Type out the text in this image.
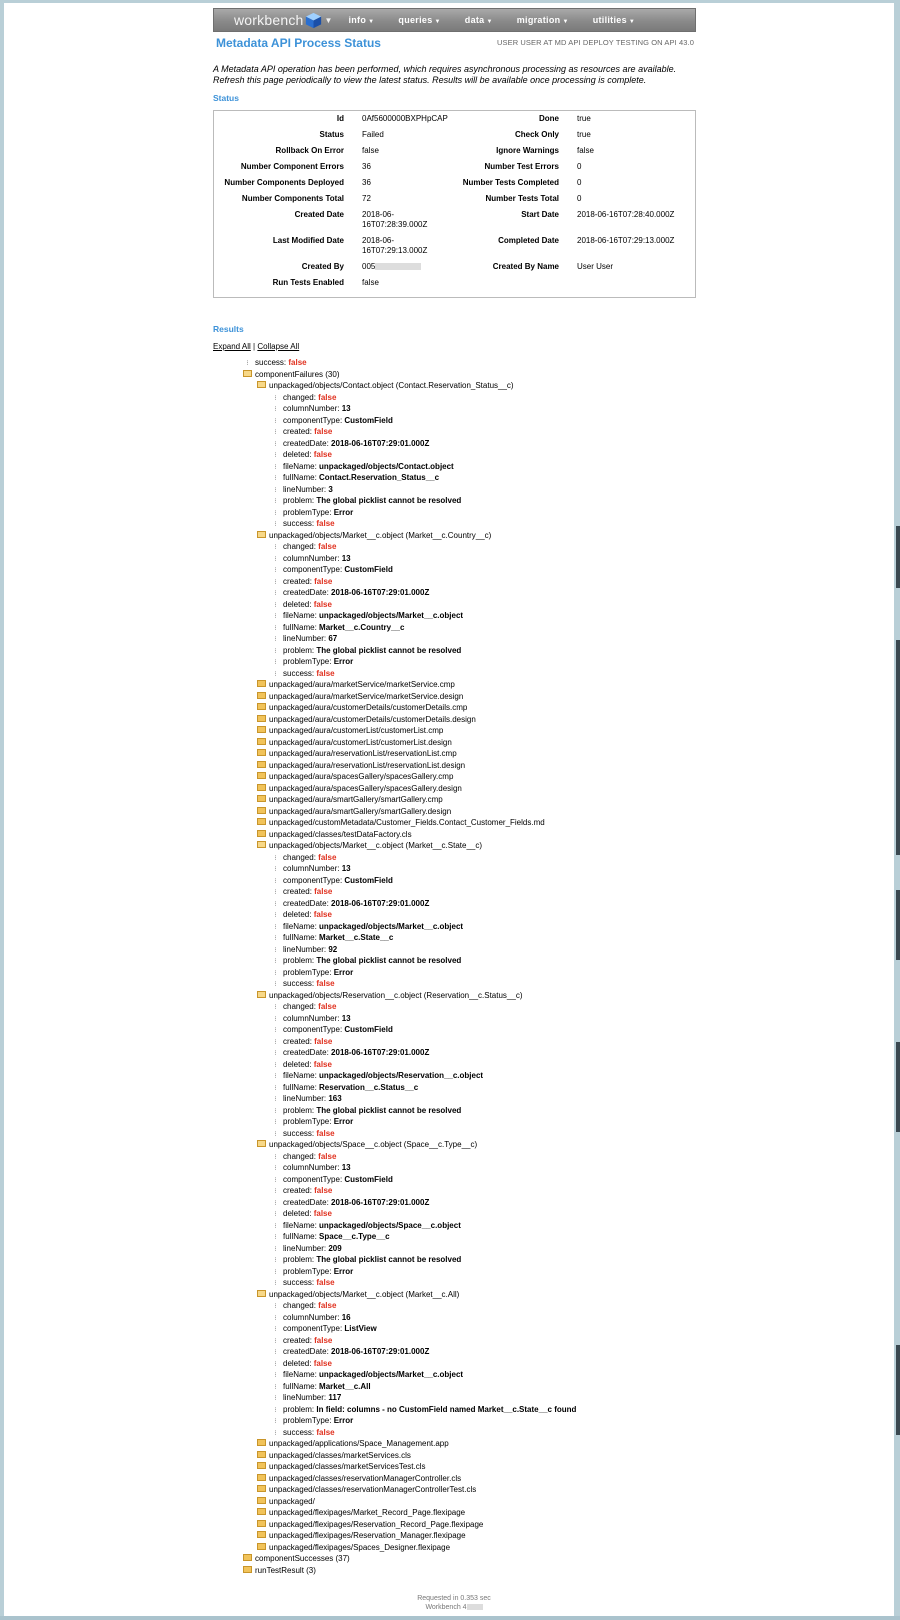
workbench	▼ info ▼	queries ▼	data ▼	migration ▼	utilities ▼
Metadata API Process Status	USER USER AT MD API DEPLOY TESTING ON API 43.0
A Metadata API operation has been performed, which requires asynchronous processing as resources are available. Refresh this page periodically to view the latest status. Results will be available once processing is complete.
Status
Id	0Af5600000BXPHpCAP	Done	true
Status	Failed	Check Only	true
Rollback On Error	false	Ignore Warnings	false
Number Component Errors	36	Number Test Errors	0
Number Components Deployed	36	Number Tests Completed	0
Number Components Total	72	Number Tests Total	0
Created Date	2018-06-16T07:28:39.000Z	Start Date	2018-06-16T07:28:40.000Z
Last Modified Date	2018-06-16T07:29:13.000Z	Completed Date	2018-06-16T07:29:13.000Z
Created By	005	Created By Name	User User
Run Tests Enabled	false		
Results
Expand All | Collapse All
⁝ success: false
componentFailures (30)
unpackaged/objects/Contact.object (Contact.Reservation_Status__c)
⁝ changed: false
⁝ columnNumber: 13
⁝ componentType: CustomField
⁝ created: false
⁝ createdDate: 2018-06-16T07:29:01.000Z
⁝ deleted: false
⁝ fileName: unpackaged/objects/Contact.object
⁝ fullName: Contact.Reservation_Status__c
⁝ lineNumber: 3
⁝ problem: The global picklist cannot be resolved
⁝ problemType: Error
⁝ success: false
unpackaged/objects/Market__c.object (Market__c.Country__c)
⁝ changed: false
⁝ columnNumber: 13
⁝ componentType: CustomField
⁝ created: false
⁝ createdDate: 2018-06-16T07:29:01.000Z
⁝ deleted: false
⁝ fileName: unpackaged/objects/Market__c.object
⁝ fullName: Market__c.Country__c
⁝ lineNumber: 67
⁝ problem: The global picklist cannot be resolved
⁝ problemType: Error
⁝ success: false
unpackaged/aura/marketService/marketService.cmp
unpackaged/aura/marketService/marketService.design
unpackaged/aura/customerDetails/customerDetails.cmp
unpackaged/aura/customerDetails/customerDetails.design
unpackaged/aura/customerList/customerList.cmp
unpackaged/aura/customerList/customerList.design
unpackaged/aura/reservationList/reservationList.cmp
unpackaged/aura/reservationList/reservationList.design
unpackaged/aura/spacesGallery/spacesGallery.cmp
unpackaged/aura/spacesGallery/spacesGallery.design
unpackaged/aura/smartGallery/smartGallery.cmp
unpackaged/aura/smartGallery/smartGallery.design
unpackaged/customMetadata/Customer_Fields.Contact_Customer_Fields.md
unpackaged/classes/testDataFactory.cls
unpackaged/objects/Market__c.object (Market__c.State__c)
⁝ changed: false
⁝ columnNumber: 13
⁝ componentType: CustomField
⁝ created: false
⁝ createdDate: 2018-06-16T07:29:01.000Z
⁝ deleted: false
⁝ fileName: unpackaged/objects/Market__c.object
⁝ fullName: Market__c.State__c
⁝ lineNumber: 92
⁝ problem: The global picklist cannot be resolved
⁝ problemType: Error
⁝ success: false
unpackaged/objects/Reservation__c.object (Reservation__c.Status__c)
⁝ changed: false
⁝ columnNumber: 13
⁝ componentType: CustomField
⁝ created: false
⁝ createdDate: 2018-06-16T07:29:01.000Z
⁝ deleted: false
⁝ fileName: unpackaged/objects/Reservation__c.object
⁝ fullName: Reservation__c.Status__c
⁝ lineNumber: 163
⁝ problem: The global picklist cannot be resolved
⁝ problemType: Error
⁝ success: false
unpackaged/objects/Space__c.object (Space__c.Type__c)
⁝ changed: false
⁝ columnNumber: 13
⁝ componentType: CustomField
⁝ created: false
⁝ createdDate: 2018-06-16T07:29:01.000Z
⁝ deleted: false
⁝ fileName: unpackaged/objects/Space__c.object
⁝ fullName: Space__c.Type__c
⁝ lineNumber: 209
⁝ problem: The global picklist cannot be resolved
⁝ problemType: Error
⁝ success: false
unpackaged/objects/Market__c.object (Market__c.All)
⁝ changed: false
⁝ columnNumber: 16
⁝ componentType: ListView
⁝ created: false
⁝ createdDate: 2018-06-16T07:29:01.000Z
⁝ deleted: false
⁝ fileName: unpackaged/objects/Market__c.object
⁝ fullName: Market__c.All
⁝ lineNumber: 117
⁝ problem: In field: columns - no CustomField named Market__c.State__c found
⁝ problemType: Error
⁝ success: false
unpackaged/applications/Space_Management.app
unpackaged/classes/marketServices.cls
unpackaged/classes/marketServicesTest.cls
unpackaged/classes/reservationManagerController.cls
unpackaged/classes/reservationManagerControllerTest.cls
unpackaged/
unpackaged/flexipages/Market_Record_Page.flexipage
unpackaged/flexipages/Reservation_Record_Page.flexipage
unpackaged/flexipages/Reservation_Manager.flexipage
unpackaged/flexipages/Spaces_Designer.flexipage
componentSuccesses (37)
runTestResult (3)
Requested in 0.353 sec
Workbench 4
